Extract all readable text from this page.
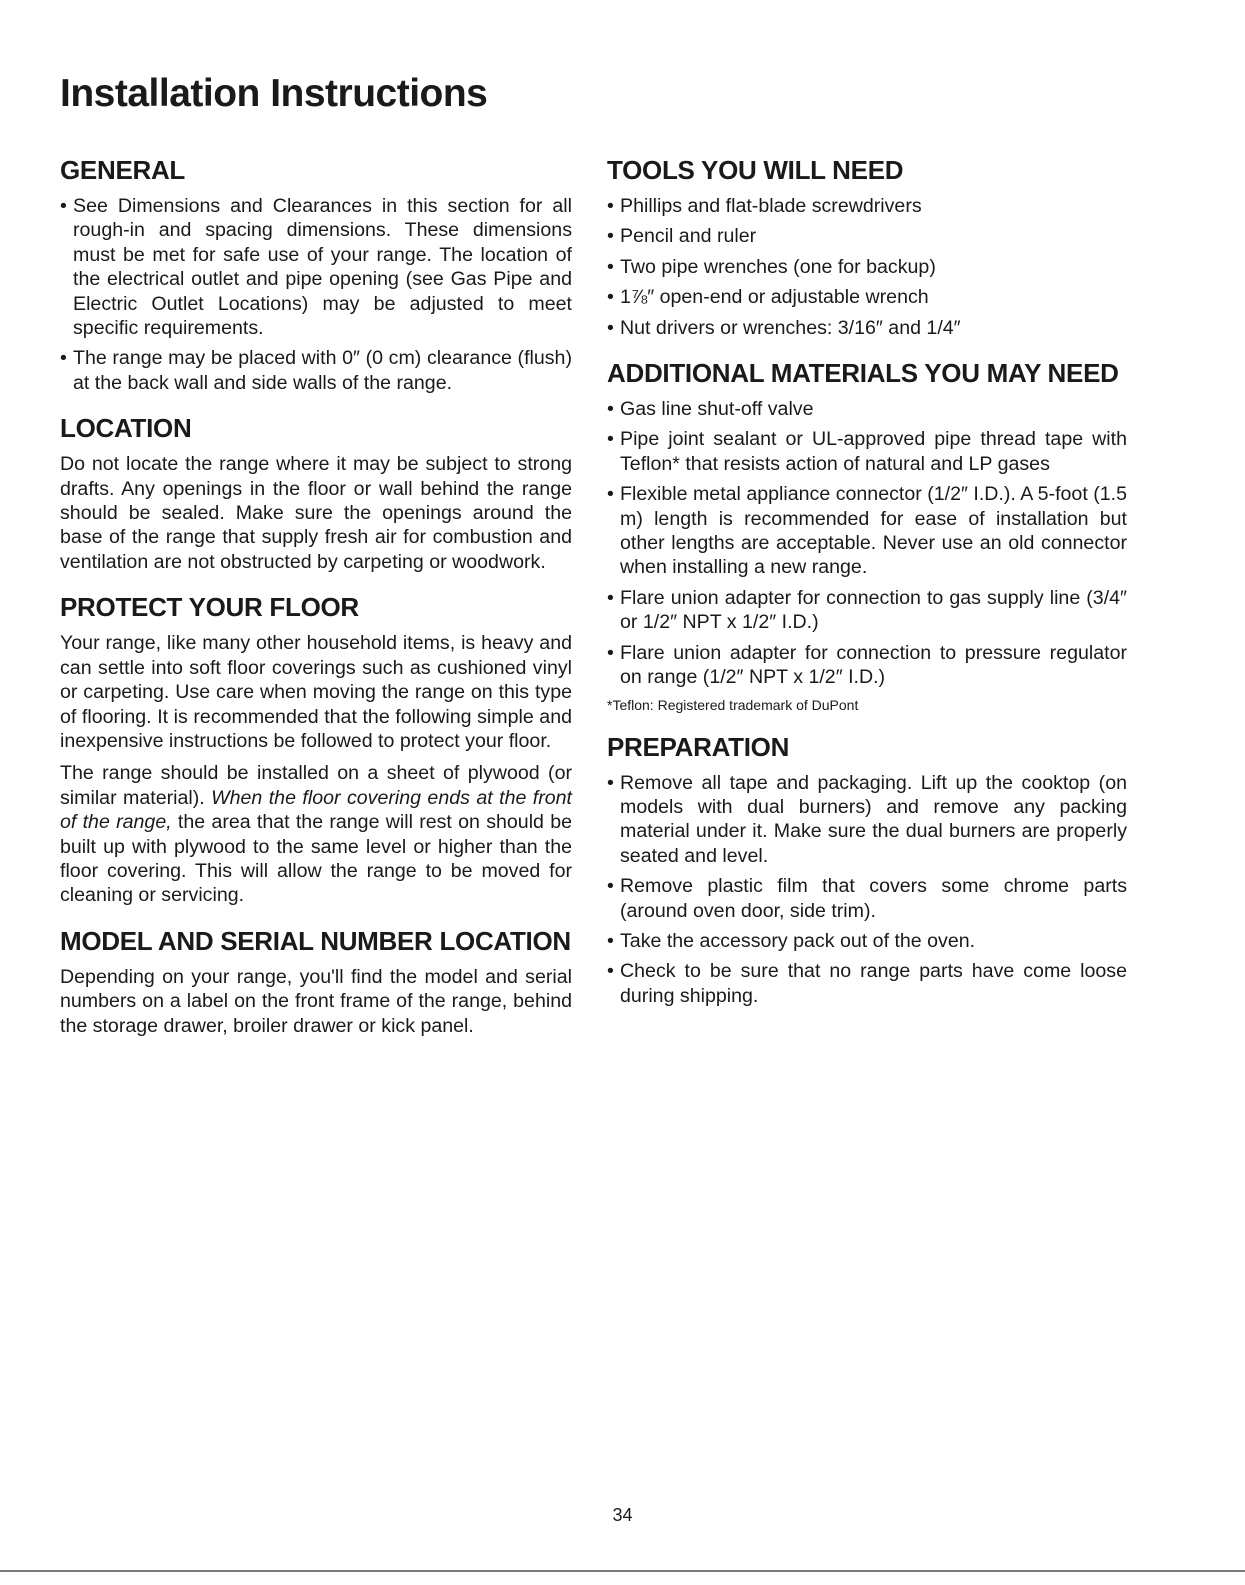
Installation Instructions
GENERAL
• See Dimensions and Clearances in this section for all rough-in and spacing dimensions. These dimensions must be met for safe use of your range. The location of the electrical outlet and pipe opening (see Gas Pipe and Electric Outlet Locations) may be adjusted to meet specific requirements.
• The range may be placed with 0″ (0 cm) clearance (flush) at the back wall and side walls of the range.
LOCATION

Do not locate the range where it may be subject to strong drafts. Any openings in the floor or wall behind the range should be sealed. Make sure the openings around the base of the range that supply fresh air for combustion and ventilation are not obstructed by carpeting or woodwork.

PROTECT YOUR FLOOR

Your range, like many other household items, is heavy and can settle into soft floor coverings such as cushioned vinyl or carpeting. Use care when moving the range on this type of flooring. It is recommended that the following simple and inexpensive instructions be followed to protect your floor.

The range should be installed on a sheet of plywood (or similar material). When the floor covering ends at the front of the range, the area that the range will rest on should be built up with plywood to the same level or higher than the floor covering. This will allow the range to be moved for cleaning or servicing.

MODEL AND SERIAL NUMBER LOCATION

Depending on your range, you'll find the model and serial numbers on a label on the front frame of the range, behind the storage drawer, broiler drawer or kick panel.

TOOLS YOU WILL NEED
• Phillips and flat-blade screwdrivers
• Pencil and ruler
• Two pipe wrenches (one for backup)
• 1⅞″ open-end or adjustable wrench
• Nut drivers or wrenches: 3/16″ and 1/4″
ADDITIONAL MATERIALS YOU MAY NEED
• Gas line shut-off valve
• Pipe joint sealant or UL-approved pipe thread tape with Teflon* that resists action of natural and LP gases
• Flexible metal appliance connector (1/2″ I.D.). A 5-foot (1.5 m) length is recommended for ease of installation but other lengths are acceptable. Never use an old connector when installing a new range.
• Flare union adapter for connection to gas supply line (3/4″ or 1/2″ NPT x 1/2″ I.D.)
• Flare union adapter for connection to pressure regulator on range (1/2″ NPT x 1/2″ I.D.)

*Teflon: Registered trademark of DuPont

PREPARATION
• Remove all tape and packaging. Lift up the cooktop (on models with dual burners) and remove any packing material under it. Make sure the dual burners are properly seated and level.
• Remove plastic film that covers some chrome parts (around oven door, side trim).
• Take the accessory pack out of the oven.
• Check to be sure that no range parts have come loose during shipping.
34
